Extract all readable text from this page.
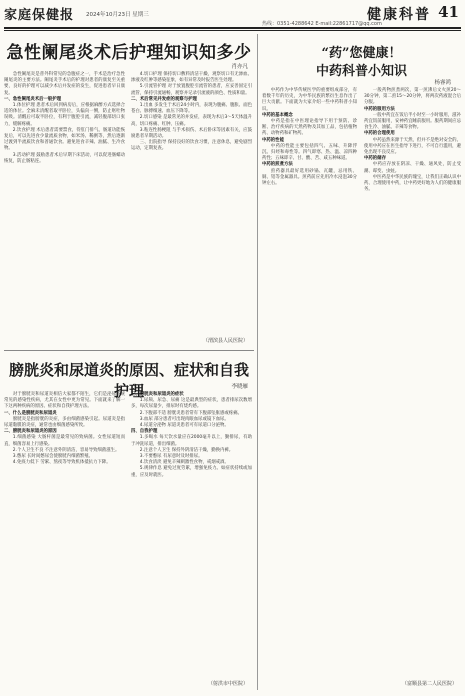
家庭保健报 2024年10月23日 星期三	健康科普 41
热线：0351-4288642 E-mail:22861717@qq.com
急性阑尾炎术后护理知识知多少
肖亦凡

急性阑尾炎是普外科常见的急腹症之一，手术是治疗急性阑尾炎的主要方法。阑尾炎手术后的护理对患者的康复至关重要，良好的护理可以减少术后并发症的发生，促进患者早日康复。

一、急性阑尾炎术后一般护理

1.体位护理 患者术后回到病房后，应根据麻醉方式选择合适的体位。全麻未清醒者取平卧位，头偏向一侧，防止呕吐物误吸。清醒后可取半卧位，有利于腹腔引流，减轻腹部切口张力，缓解疼痛。

2.饮食护理 术后患者需要禁食，待肛门排气、肠道功能恢复后，可以先进食少量流质食物，如米汤、稀粥等，然后逐渐过渡到半流质饮食和普通饮食。避免进食辛辣、油腻、生冷食物。

3.活动护理 鼓励患者术后早期下床活动，可以促进肠蠕动恢复，防止肠粘连。

4.切口护理 保持切口敷料清洁干燥，观察切口有无渗血、渗液及红肿等感染征象，如有异常及时报告医生处理。

5.引流管护理 对于放置腹腔引流管的患者，应妥善固定引流管，保持引流通畅，观察并记录引流液的颜色、性质和量。

二、术后常见并发症的观察与护理

1.出血 多发生于术后24小时内，表现为腹痛、腹胀、面色苍白、脉搏细速、血压下降等。

2.切口感染 是最常见的并发症，表现为术后3～5天体温升高，切口疼痛、红肿、压痛。

3.粘连性肠梗阻 与手术损伤、术后卧床等因素有关，应鼓励患者早期活动。

三、出院指导 保持良好的饮食习惯，注意休息，避免剧烈运动，定期复查。

（渭滨县人民医院）
膀胱炎和尿道炎的原因、症状和自我护理	李晓雁

对于膀胱炎和尿道炎相信大家都不陌生，它们是泌尿系统常见的感染性疾病，尤其在女性中更为常见。下面就来了解一下这两种疾病的原因、症状和自我护理方法。

一、什么是膀胱炎和尿道炎

膀胱炎是指膀胱的炎症，多由细菌感染引起。尿道炎是指尿道黏膜的炎症，通常也由细菌感染所致。

二、膀胱炎和尿道炎的原因

1.细菌感染 大肠杆菌是最常见的致病菌。女性尿道短而直，细菌容易上行感染。

2.个人卫生不良 不注意外阴清洁，容易导致细菌滋生。

3.憋尿 长时间憋尿会使膀胱内细菌繁殖。

4.免疫力低下 劳累、熬夜等导致机体抵抗力下降。

三、膀胱炎和尿道炎的症状

1.尿频、尿急、尿痛 这是最典型的症状，患者排尿次数增多，每次尿量少，排尿时有烧灼感。

2.下腹部不适 膀胱炎患者常有下腹部坠胀感或疼痛。

3.血尿 部分患者可出现肉眼血尿或镜下血尿。

4.尿道分泌物 尿道炎患者可有尿道口分泌物。

四、自我护理

1.多喝水 每天饮水量应在2000毫升以上，勤排尿，有助于冲洗尿道，排出细菌。

2.注意个人卫生 保持外阴清洁干燥，勤换内裤。

3.不要憋尿 有尿意时及时排尿。

4.饮食清淡 避免辛辣刺激性食物，戒烟戒酒。

5.规律作息 避免过度劳累，增强免疫力。如症状持续或加重，应及时就医。

（射洪市中医院）
“药”您健康！
中药科普小知识
杨睿鸿

中药作为中华传统医学的重要组成部分，有着数千年的历史，为中华民族的繁衍生息作出了巨大贡献。下面就为大家介绍一些中药科普小知识。

中药的基本概念

中药是指在中医理论指导下用于预防、诊断、治疗疾病的天然药物及其加工品，包括植物药、动物药和矿物药。

中药的性能

中药的性能主要包括四气、五味、升降浮沉、归经和毒性等。四气即寒、热、温、凉四种药性；五味即辛、甘、酸、苦、咸五种味道。

中药的煎煮方法

煎药器具最好选用砂锅、瓦罐，忌用铁、铜、铝等金属器具。煎药前应先用冷水浸泡30分钟左右。

一般药物煎煮两次，第一煎沸后文火煎20～30分钟，第二煎15～20分钟，将两次药液混合后分服。

中药的服用方法

一般中药宜在饭后半小时至一小时服用，滋补药宜饭前服用，安神药宜睡前服用。服药期间应忌食生冷、油腻、辛辣等食物。

中药的合理使用

中药虽然来源于天然，但并不是绝对安全的。使用中药应在医生指导下进行，不可自行滥用，避免出现不良反应。

中药的储存

中药应存放在阴凉、干燥、通风处，防止受潮、霉变、虫蛀。

中医药是中华民族的瑰宝，让我们正确认识中药、合理使用中药，让中药更好地为人们的健康服务。

（富顺县第二人民医院）
